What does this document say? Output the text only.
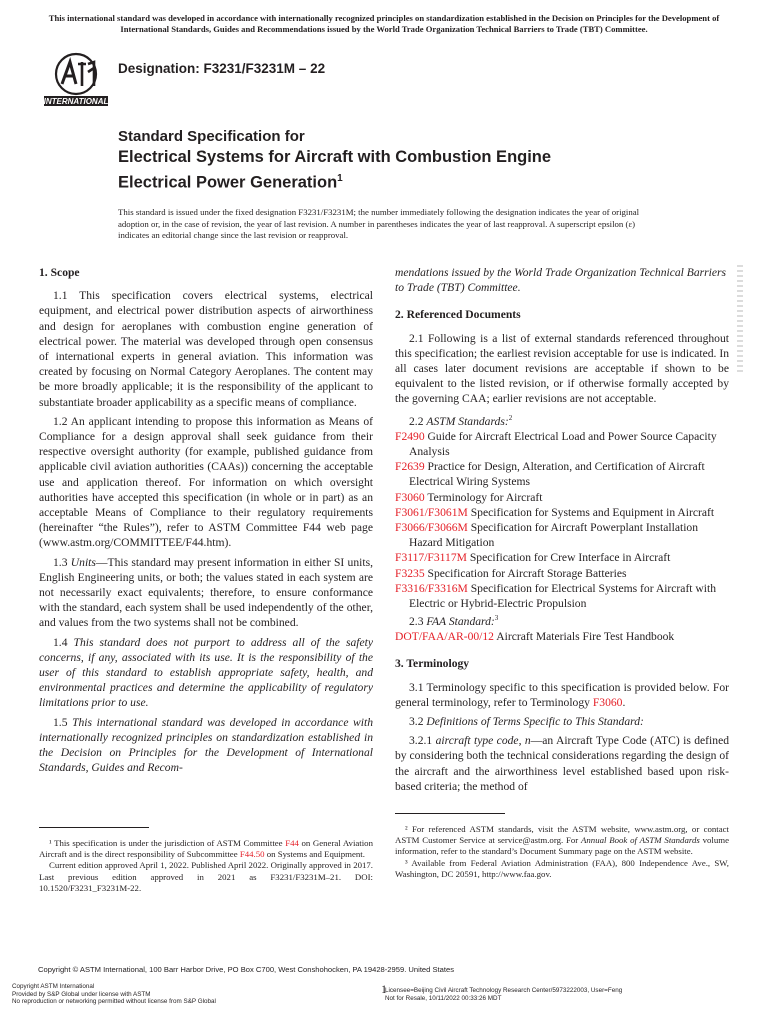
This international standard was developed in accordance with internationally recognized principles on standardization established in the Decision on Principles for the Development of International Standards, Guides and Recommendations issued by the World Trade Organization Technical Barriers to Trade (TBT) Committee.
INTERNATIONAL
Designation: F3231/F3231M – 22
Standard Specification for
Electrical Systems for Aircraft with Combustion Engine
Electrical Power Generation$^1$
This standard is issued under the fixed designation F3231/F3231M; the number immediately following the designation indicates the year of original adoption or, in the case of revision, the year of last revision. A number in parentheses indicates the year of last reapproval. A superscript epsilon (ε) indicates an editorial change since the last revision or reapproval.
1. Scope

1.1 This specification covers electrical systems, electrical equipment, and electrical power distribution aspects of airworthiness and design for aeroplanes with combustion engine generation of electrical power. The material was developed through open consensus of international experts in general aviation. This information was created by focusing on Normal Category Aeroplanes. The content may be more broadly applicable; it is the responsibility of the applicant to substantiate broader applicability as a specific means of compliance.

1.2 An applicant intending to propose this information as Means of Compliance for a design approval shall seek guidance from their respective oversight authority (for example, published guidance from applicable civil aviation authorities (CAAs)) concerning the acceptable use and application thereof. For information on which oversight authorities have accepted this specification (in whole or in part) as an acceptable Means of Compliance to their regulatory requirements (hereinafter “the Rules”), refer to ASTM Committee F44 web page (www.astm.org/COMMITTEE/F44.htm).

1.3 Units—This standard may present information in either SI units, English Engineering units, or both; the values stated in each system are not necessarily exact equivalents; therefore, to ensure conformance with the standard, each system shall be used independently of the other, and values from the two systems shall not be combined.

1.4 This standard does not purport to address all of the safety concerns, if any, associated with its use. It is the responsibility of the user of this standard to establish appropriate safety, health, and environmental practices and determine the applicability of regulatory limitations prior to use.

1.5 This international standard was developed in accordance with internationally recognized principles on standardization established in the Decision on Principles for the Development of International Standards, Guides and Recom-

¹ This specification is under the jurisdiction of ASTM Committee F44 on General Aviation Aircraft and is the direct responsibility of Subcommittee F44.50 on Systems and Equipment.

Current edition approved April 1, 2022. Published April 2022. Originally approved in 2017. Last previous edition approved in 2021 as F3231/F3231M–21. DOI: 10.1520/F3231_F3231M-22.

mendations issued by the World Trade Organization Technical Barriers to Trade (TBT) Committee.

2. Referenced Documents

2.1 Following is a list of external standards referenced throughout this specification; the earliest revision acceptable for use is indicated. In all cases later document revisions are acceptable if shown to be equivalent to the listed revision, or if otherwise formally accepted by the governing CAA; earlier revisions are not acceptable.

2.2 ASTM Standards:$^2$

F2490 Guide for Aircraft Electrical Load and Power Source Capacity Analysis
F2639 Practice for Design, Alteration, and Certification of Aircraft Electrical Wiring Systems
F3060 Terminology for Aircraft
F3061/F3061M Specification for Systems and Equipment in Aircraft
F3066/F3066M Specification for Aircraft Powerplant Installation Hazard Mitigation
F3117/F3117M Specification for Crew Interface in Aircraft
F3235 Specification for Aircraft Storage Batteries
F3316/F3316M Specification for Electrical Systems for Aircraft with Electric or Hybrid-Electric Propulsion

2.3 FAA Standard:$^3$

DOT/FAA/AR-00/12 Aircraft Materials Fire Test Handbook
3. Terminology

3.1 Terminology specific to this specification is provided below. For general terminology, refer to Terminology F3060.

3.2 Definitions of Terms Specific to This Standard:

3.2.1 aircraft type code, n—an Aircraft Type Code (ATC) is defined by considering both the technical considerations regarding the design of the aircraft and the airworthiness level established based upon risk-based criteria; the method of

² For referenced ASTM standards, visit the ASTM website, www.astm.org, or contact ASTM Customer Service at service@astm.org. For Annual Book of ASTM Standards volume information, refer to the standard’s Document Summary page on the ASTM website.

³ Available from Federal Aviation Administration (FAA), 800 Independence Ave., SW, Washington, DC 20591, http://www.faa.gov.

Copyright © ASTM International, 100 Barr Harbor Drive, PO Box C700, West Conshohocken, PA 19428-2959. United States
1
Copyright ASTM International
Provided by S&P Global under license with ASTM
No reproduction or networking permitted without license from S&P Global
Licensee=Beijing Civil Aircraft Technology Research Center/5973222003, User=Feng
Not for Resale, 10/11/2022 00:33:26 MDT
